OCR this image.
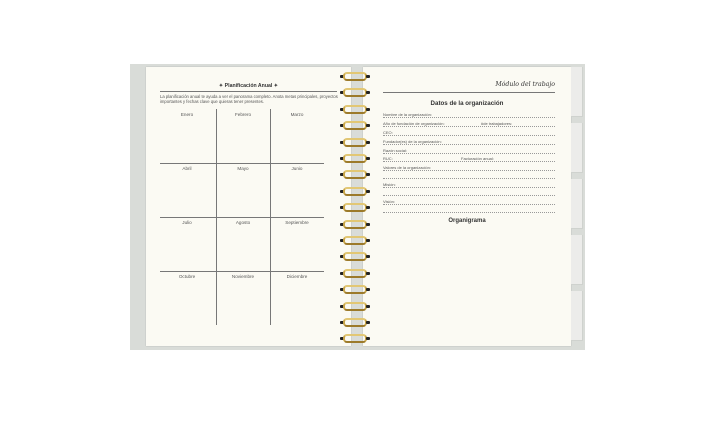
✦ Planificación Anual ✦
La planificación anual te ayuda a ver el panorama completo. Anota metas principales, proyectos importantes y fechas clave que quieras tener presentes.
Enero	Febrero	Marzo
Abril	Mayo	Junio
Julio	Agosto	Septiembre
Octubre	Noviembre	Diciembre
Módulo del trabajo
Datos de la organización
Nombre de la organización:
Año de fundación de organización:	#de trabajadores:
CEO:
Fundador(es) de la organización:
Razón social:
RUC:	Facturación anual:
Valores de la organización:
Misión:
Visión:
Organigrama
